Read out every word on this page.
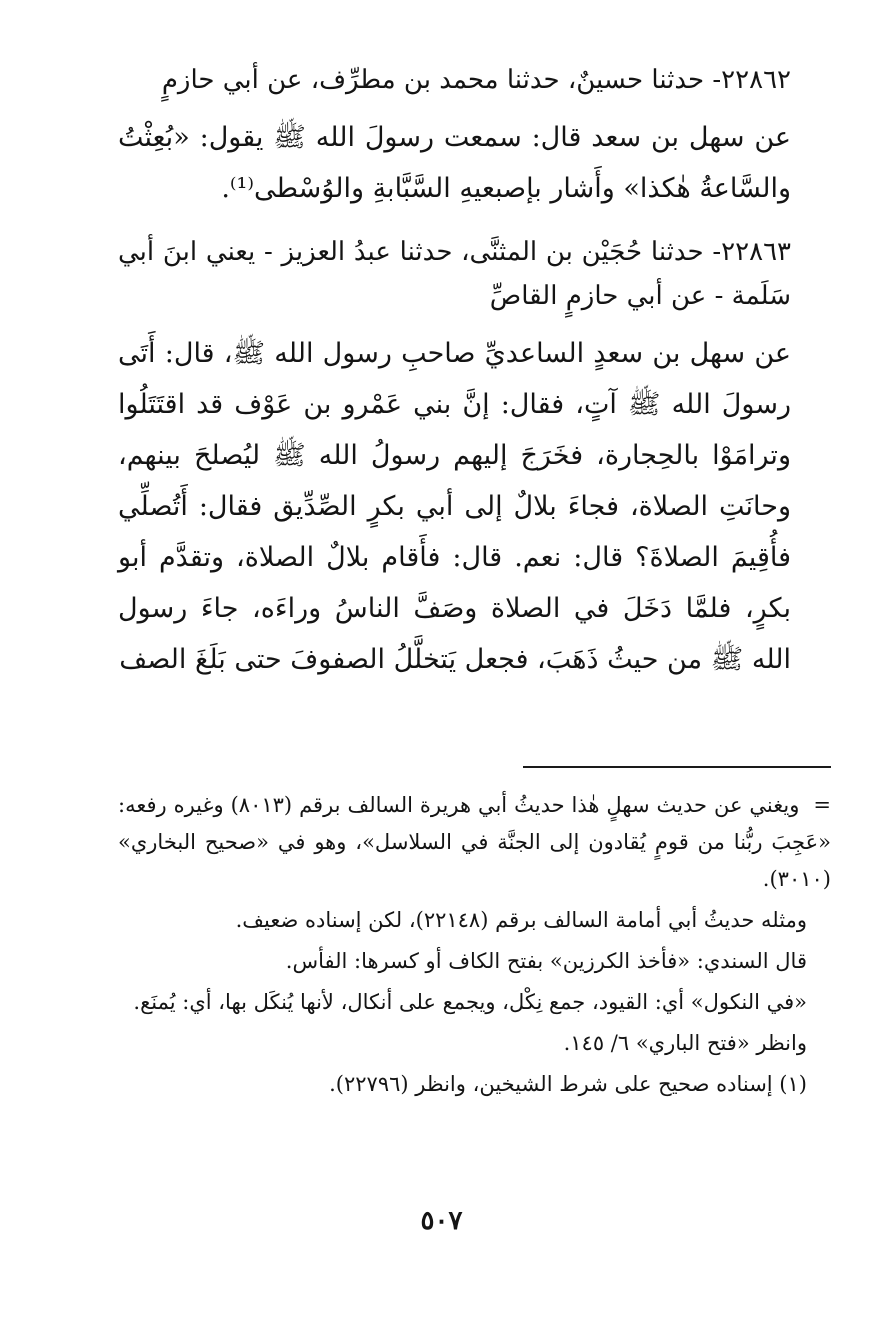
٢٢٨٦٢- حدثنا حسينٌ، حدثنا محمد بن مطرِّف، عن أبي حازمٍ

عن سهل بن سعد قال: سمعت رسولَ الله ﷺ يقول: «بُعِثْتُ والسَّاعةُ هٰكذا» وأَشار بإصبعيهِ السَّبَّابةِ والوُسْطى⁽¹⁾.

٢٢٨٦٣- حدثنا حُجَيْن بن المثنَّى، حدثنا عبدُ العزيز - يعني ابنَ أبي سَلَمة - عن أبي حازمٍ القاصِّ

عن سهل بن سعدٍ الساعديِّ صاحبِ رسول الله ﷺ، قال: أَتَى رسولَ الله ﷺ آتٍ، فقال: إنَّ بني عَمْرو بن عَوْف قد اقتَتَلُوا وترامَوْا بالحِجارة، فخَرَجَ إليهم رسولُ الله ﷺ ليُصلحَ بينهم، وحانَتِ الصلاة، فجاءَ بلالٌ إلى أبي بكرٍ الصِّدِّيق فقال: أَتُصلِّي فأُقِيمَ الصلاةَ؟ قال: نعم. قال: فأَقام بلالٌ الصلاة، وتقدَّم أبو بكرٍ، فلمَّا دَخَلَ في الصلاة وصَفَّ الناسُ وراءَه، جاءَ رسول الله ﷺ من حيثُ ذَهَبَ، فجعل يَتخلَّلُ الصفوفَ حتى بَلَغَ الصف

=ويغني عن حديث سهلٍ هٰذا حديثُ أبي هريرة السالف برقم (٨٠١٣) وغيره رفعه: «عَجِبَ ربُّنا من قومٍ يُقادون إلى الجنَّة في السلاسل»، وهو في «صحيح البخاري» (٣٠١٠).

ومثله حديثُ أبي أمامة السالف برقم (٢٢١٤٨)، لكن إسناده ضعيف.

قال السندي: «فأخذ الكرزين» بفتح الكاف أو كسرها: الفأس.

«في النكول» أي: القيود، جمع نِكْل، ويجمع على أنكال، لأنها يُنكَل بها، أي: يُمنَع.

وانظر «فتح الباري» ٦/ ١٤٥.

(١) إسناده صحيح على شرط الشيخين، وانظر (٢٢٧٩٦).

٥٠٧
